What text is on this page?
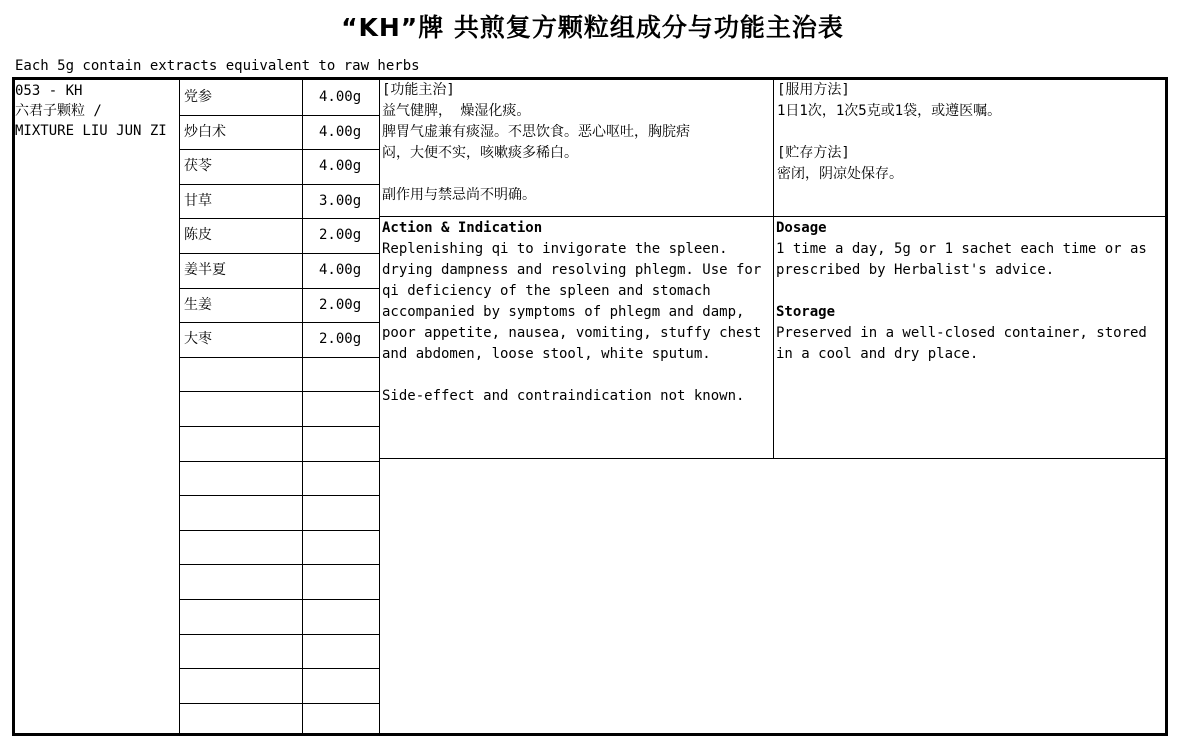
“KH”牌 共煎复方颗粒组成分与功能主治表
Each 5g contain extracts equivalent to raw herbs
053 - KH
六君子颗粒 /
MIXTURE LIU JUN ZI
党参	4.00g
炒白术	4.00g
茯苓	4.00g
甘草	3.00g
陈皮	2.00g
姜半夏	4.00g
生姜	2.00g
大枣	2.00g
[功能主治]
益气健脾， 燥湿化痰。
脾胃气虚兼有痰湿。不思饮食。恶心呕吐，胸脘痞
闷，大便不实，咳嗽痰多稀白。
副作用与禁忌尚不明确。
[服用方法]
1日1次，1次5克或1袋，或遵医嘱。
[贮存方法]
密闭，阴凉处保存。
Action & Indication
Replenishing qi to invigorate the spleen.
drying dampness and resolving phlegm. Use for
qi deficiency of the spleen and stomach
accompanied by symptoms of phlegm and damp,
poor appetite, nausea, vomiting, stuffy chest
and abdomen, loose stool, white sputum.
Side-effect and contraindication not known.
Dosage
1 time a day, 5g or 1 sachet each time or as
prescribed by Herbalist's advice.
Storage
Preserved in a well-closed container, stored
in a cool and dry place.
